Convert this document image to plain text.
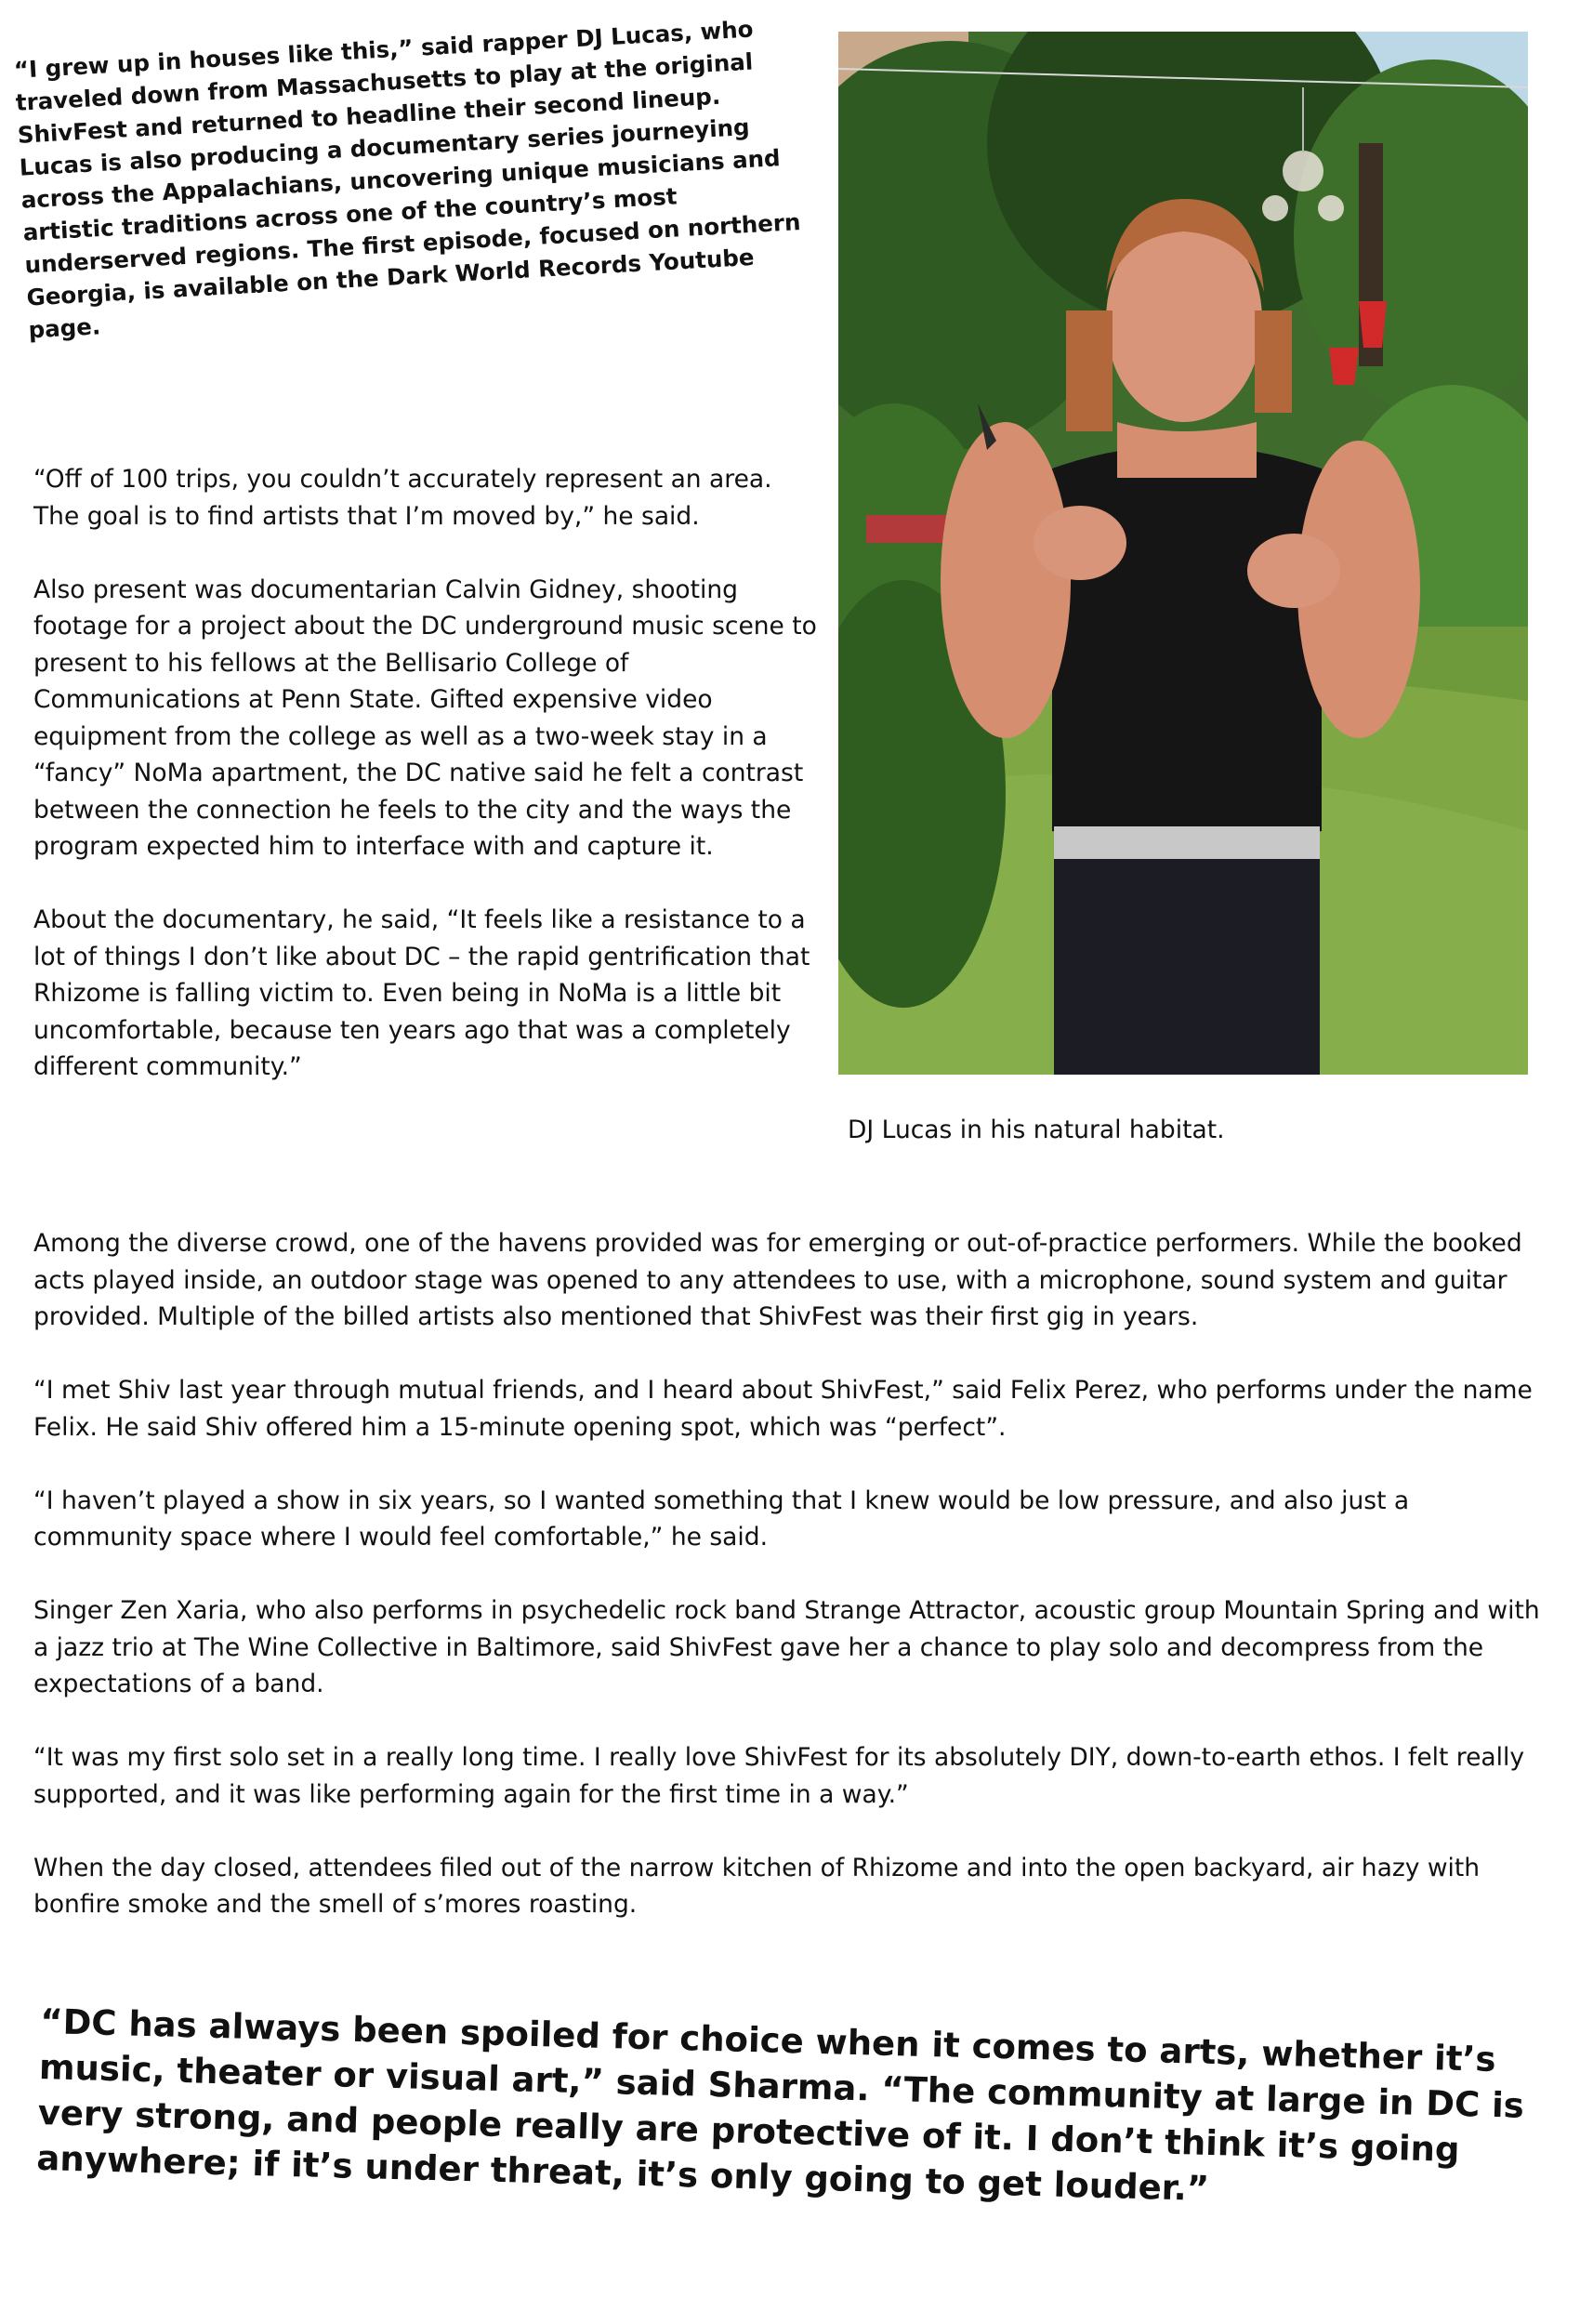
“I grew up in houses like this,” said rapper DJ Lucas, who traveled down from Massachusetts to play at the original ShivFest and returned to headline their second lineup. Lucas is also producing a documentary series journeying across the Appalachians, uncovering unique musicians and artistic traditions across one of the country’s most underserved regions. The first episode, focused on northern Georgia, is available on the Dark World Records Youtube page.

“Off of 100 trips, you couldn’t accurately represent an area. The goal is to find artists that I’m moved by,” he said.

Also present was documentarian Calvin Gidney, shooting footage for a project about the DC underground music scene to present to his fellows at the Bellisario College of Communications at Penn State. Gifted expensive video equipment from the college as well as a two-week stay in a “fancy” NoMa apartment, the DC native said he felt a contrast between the connection he feels to the city and the ways the program expected him to interface with and capture it.

About the documentary, he said, “It feels like a resistance to a lot of things I don’t like about DC – the rapid gentrification that Rhizome is falling victim to. Even being in NoMa is a little bit uncomfortable, because ten years ago that was a completely different community.”

DJ Lucas in his natural habitat.

Among the diverse crowd, one of the havens provided was for emerging or out-of-practice performers. While the booked acts played inside, an outdoor stage was opened to any attendees to use, with a microphone, sound system and guitar provided. Multiple of the billed artists also mentioned that ShivFest was their first gig in years.

“I met Shiv last year through mutual friends, and I heard about ShivFest,” said Felix Perez, who performs under the name Felix. He said Shiv offered him a 15-minute opening spot, which was “perfect”.

“I haven’t played a show in six years, so I wanted something that I knew would be low pressure, and also just a community space where I would feel comfortable,” he said.

Singer Zen Xaria, who also performs in psychedelic rock band Strange Attractor, acoustic group Mountain Spring and with a jazz trio at The Wine Collective in Baltimore, said ShivFest gave her a chance to play solo and decompress from the expectations of a band.

“It was my first solo set in a really long time. I really love ShivFest for its absolutely DIY, down-to-earth ethos. I felt really supported, and it was like performing again for the first time in a way.”

When the day closed, attendees filed out of the narrow kitchen of Rhizome and into the open backyard, air hazy with bonfire smoke and the smell of s’mores roasting.

“DC has always been spoiled for choice when it comes to arts, whether it’s music, theater or visual art,” said Sharma. “The community at large in DC is very strong, and people really are protective of it. I don’t think it’s going anywhere; if it’s under threat, it’s only going to get louder.”
